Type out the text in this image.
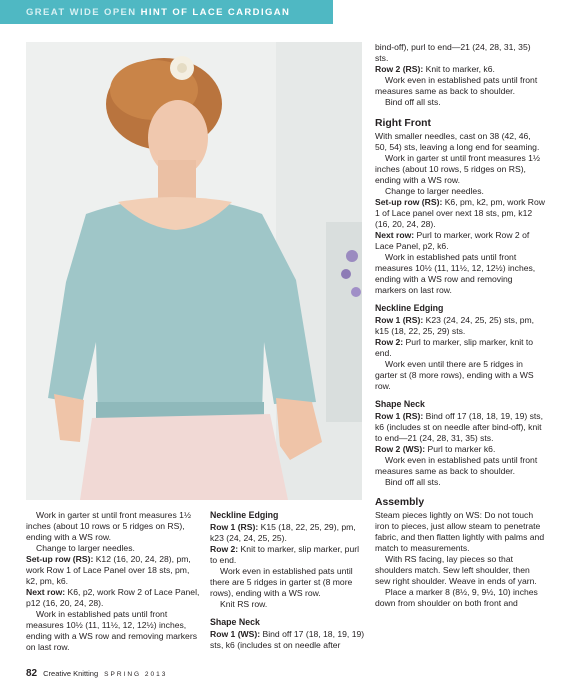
GREAT WIDE OPEN HINT OF LACE CARDIGAN

Work in garter st until front measures 1½ inches (about 10 rows or 5 ridges on RS), ending with a WS row.

Change to larger needles.

Set-up row (RS): K12 (16, 20, 24, 28), pm, work Row 1 of Lace Panel over 18 sts, pm, k2, pm, k6.

Next row: K6, p2, work Row 2 of Lace Panel, p12 (16, 20, 24, 28).

Work in established pats until front measures 10½ (11, 11½, 12, 12½) inches, ending with a WS row and removing markers on last row.

Neckline Edging

Row 1 (RS): K15 (18, 22, 25, 29), pm, k23 (24, 24, 25, 25).

Row 2: Knit to marker, slip marker, purl to end.

Work even in established pats until there are 5 ridges in garter st (8 more rows), ending with a WS row.

Knit RS row.

Shape Neck

Row 1 (WS): Bind off 17 (18, 18, 19, 19) sts, k6 (includes st on needle after

bind-off), purl to end—21 (24, 28, 31, 35) sts.

Row 2 (RS): Knit to marker, k6.

Work even in established pats until front measures same as back to shoulder.

Bind off all sts.

Right Front

With smaller needles, cast on 38 (42, 46, 50, 54) sts, leaving a long end for seaming.

Work in garter st until front measures 1½ inches (about 10 rows, 5 ridges on RS), ending with a WS row.

Change to larger needles.

Set-up row (RS): K6, pm, k2, pm, work Row 1 of Lace panel over next 18 sts, pm, k12 (16, 20, 24, 28).

Next row: Purl to marker, work Row 2 of Lace Panel, p2, k6.

Work in established pats until front measures 10½ (11, 11½, 12, 12½) inches, ending with a WS row and removing markers on last row.

Neckline Edging

Row 1 (RS): K23 (24, 24, 25, 25) sts, pm, k15 (18, 22, 25, 29) sts.

Row 2: Purl to marker, slip marker, knit to end.

Work even until there are 5 ridges in garter st (8 more rows), ending with a WS row.

Shape Neck

Row 1 (RS): Bind off 17 (18, 18, 19, 19) sts, k6 (includes st on needle after bind-off), knit to end—21 (24, 28, 31, 35) sts.

Row 2 (WS): Purl to marker k6.

Work even in established pats until front measures same as back to shoulder.

Bind off all sts.

Assembly

Steam pieces lightly on WS: Do not touch iron to pieces, just allow steam to penetrate fabric, and then flatten lightly with palms and match to measurements.

With RS facing, lay pieces so that shoulders match. Sew left shoulder, then sew right shoulder. Weave in ends of yarn.

Place a marker 8 (8½, 9, 9½, 10) inches down from shoulder on both front and

82 Creative Knitting SPRING 2013
